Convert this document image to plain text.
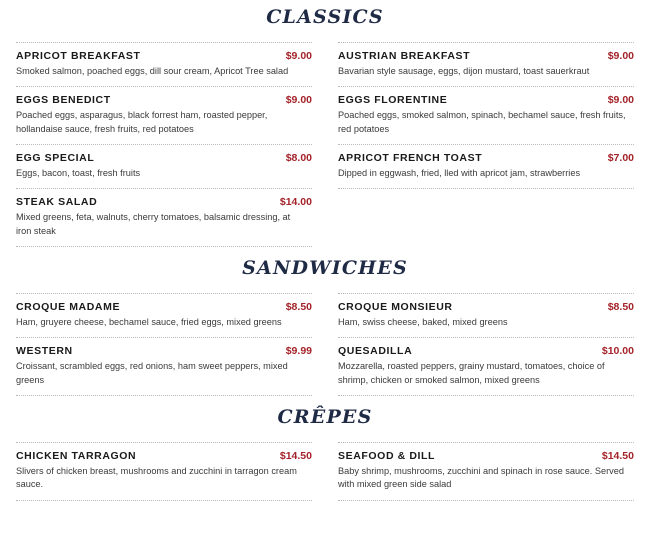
CLASSICS
APRICOT BREAKFAST	$9.00
Smoked salmon, poached eggs, dill sour cream, Apricot Tree salad
EGGS BENEDICT	$9.00
Poached eggs, asparagus, black forrest ham, roasted pepper, hollandaise sauce, fresh fruits, red potatoes
EGG SPECIAL	$8.00
Eggs, bacon, toast, fresh fruits
STEAK SALAD	$14.00
Mixed greens, feta, walnuts, cherry tomatoes, balsamic dressing, at iron steak
AUSTRIAN BREAKFAST	$9.00
Bavarian style sausage, eggs, dijon mustard, toast sauerkraut
EGGS FLORENTINE	$9.00
Poached eggs, smoked salmon, spinach, bechamel sauce, fresh fruits, red potatoes
APRICOT FRENCH TOAST	$7.00
Dipped in eggwash, fried, lled with apricot jam, strawberries
SANDWICHES
CROQUE MADAME	$8.50
Ham, gruyere cheese, bechamel sauce, fried eggs, mixed greens
WESTERN	$9.99
Croissant, scrambled eggs, red onions, ham sweet peppers, mixed greens
CROQUE MONSIEUR	$8.50
Ham, swiss cheese, baked, mixed greens
QUESADILLA	$10.00
Mozzarella, roasted peppers, grainy mustard, tomatoes, choice of shrimp, chicken or smoked salmon, mixed greens
CRÊPES
CHICKEN TARRAGON	$14.50
Slivers of chicken breast, mushrooms and zucchini in tarragon cream sauce.
SEAFOOD & DILL	$14.50
Baby shrimp, mushrooms, zucchini and spinach in rose sauce. Served with mixed green side salad
